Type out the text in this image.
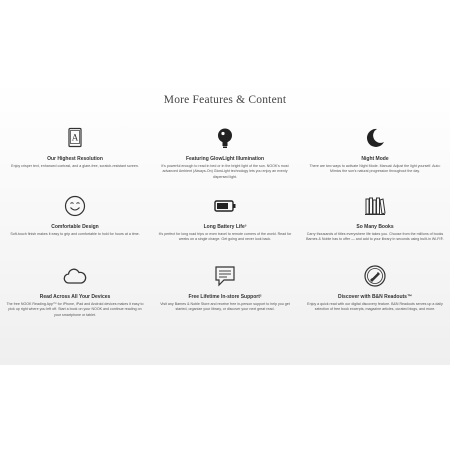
More Features & Content
A
Our Highest Resolution
Enjoy crisper text, enhanced contrast, and a glare-free, scratch-resistant screen.
Featuring GlowLight Illumination
It's powerful enough to read in bed or in the bright light of the sun. NOOK's most advanced Ambient (Always-On) GlowLight technology lets you enjoy an evenly dispersed light.
Night Mode
There are two ways to activate Night Mode. Manual: Adjust the light yourself. Auto: Mimics the sun's natural progression throughout the day.
Comfortable Design
Soft-touch finish makes it easy to grip and comfortable to hold for hours at a time.
Long Battery Life³
It's perfect for long road trips or even travel to remote corners of the world. Read for weeks on a single charge. Get going and never look back.
So Many Books
Carry thousands of titles everywhere life takes you. Choose from the millions of books Barnes & Noble has to offer — and add to your library in seconds using built-in Wi-Fi®.
Read Across All Your Devices
The free NOOK Reading App™ for iPhone, iPad and Android devices makes it easy to pick up right where you left off. Start a book on your NOOK and continue reading on your smartphone or tablet.
Free Lifetime In-store Support²
Visit any Barnes & Noble Store and receive free in-person support to help you get started, organize your library, or discover your next great read.
Discover with B&N Readouts™
Enjoy a quick read with our digital discovery feature. B&N Readouts serves up a daily selection of free book excerpts, magazine articles, curated blogs, and more.
